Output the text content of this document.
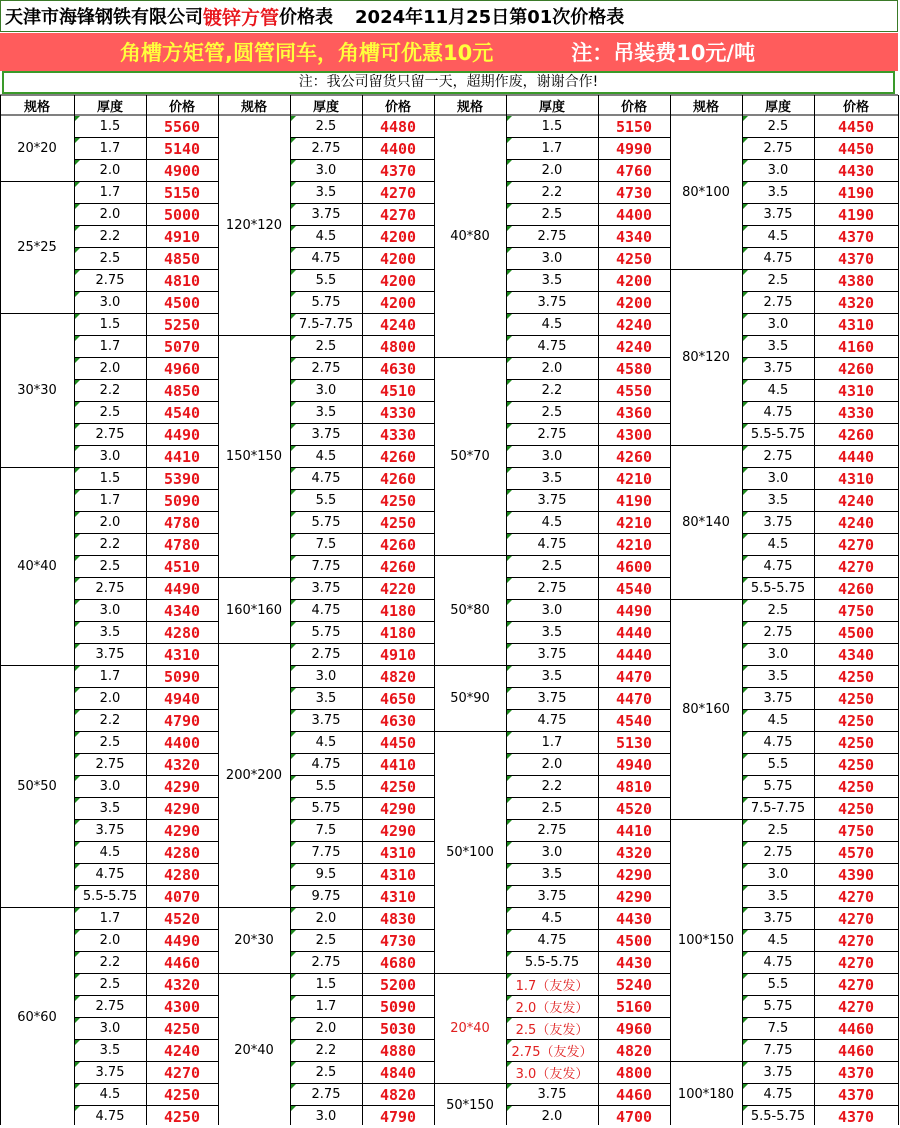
天津市海锋钢铁有限公司 镀锌方管 价格表 2024年11月25日第01次价格表
角槽方矩管,圆管同车，角槽可优惠10元	注：吊装费10元/吨
注：我公司留货只留一天，超期作废，谢谢合作!
规格	厚度	价格
20*20
1.5	5560
1.7	5140
2.0	4900
25*25
1.7	5150
2.0	5000
2.2	4910
2.5	4850
2.75	4810
3.0	4500
30*30
1.5	5250
1.7	5070
2.0	4960
2.2	4850
2.5	4540
2.75	4490
3.0	4410
40*40
1.5	5390
1.7	5090
2.0	4780
2.2	4780
2.5	4510
2.75	4490
3.0	4340
3.5	4280
3.75	4310
50*50
1.7	5090
2.0	4940
2.2	4790
2.5	4400
2.75	4320
3.0	4290
3.5	4290
3.75	4290
4.5	4280
4.75	4280
5.5-5.75	4070
60*60
1.7	4520
2.0	4490
2.2	4460
2.5	4320
2.75	4300
3.0	4250
3.5	4240
3.75	4270
4.5	4250
4.75	4250
规格	厚度	价格
120*120
2.5	4480
2.75	4400
3.0	4370
3.5	4270
3.75	4270
4.5	4200
4.75	4200
5.5	4200
5.75	4200
7.5-7.75	4240
150*150
2.5	4800
2.75	4630
3.0	4510
3.5	4330
3.75	4330
4.5	4260
4.75	4260
5.5	4250
5.75	4250
7.5	4260
7.75	4260
160*160
3.75	4220
4.75	4180
5.75	4180
200*200
2.75	4910
3.0	4820
3.5	4650
3.75	4630
4.5	4450
4.75	4410
5.5	4250
5.75	4290
7.5	4290
7.75	4310
9.5	4310
9.75	4310
20*30
2.0	4830
2.5	4730
2.75	4680
20*40
1.5	5200
1.7	5090
2.0	5030
2.2	4880
2.5	4840
2.75	4820
3.0	4790
规格	厚度	价格
40*80
1.5	5150
1.7	4990
2.0	4760
2.2	4730
2.5	4400
2.75	4340
3.0	4250
3.5	4200
3.75	4200
4.5	4240
4.75	4240
50*70
2.0	4580
2.2	4550
2.5	4360
2.75	4300
3.0	4260
3.5	4210
3.75	4190
4.5	4210
4.75	4210
50*80
2.5	4600
2.75	4540
3.0	4490
3.5	4440
3.75	4440
50*90
3.5	4470
3.75	4470
4.75	4540
50*100
1.7	5130
2.0	4940
2.2	4810
2.5	4520
2.75	4410
3.0	4320
3.5	4290
3.75	4290
4.5	4430
4.75	4500
5.5-5.75	4430
20*40
1.7（友发）	5240
2.0（友发）	5160
2.5（友发）	4960
2.75（友发）	4820
3.0（友发）	4800
50*150
3.75	4460
2.0	4700
规格	厚度	价格
80*100
2.5	4450
2.75	4450
3.0	4430
3.5	4190
3.75	4190
4.5	4370
4.75	4370
80*120
2.5	4380
2.75	4320
3.0	4310
3.5	4160
3.75	4260
4.5	4310
4.75	4330
5.5-5.75	4260
80*140
2.75	4440
3.0	4310
3.5	4240
3.75	4240
4.5	4270
4.75	4270
5.5-5.75	4260
80*160
2.5	4750
2.75	4500
3.0	4340
3.5	4250
3.75	4250
4.5	4250
4.75	4250
5.5	4250
5.75	4250
7.5-7.75	4250
100*150
2.5	4750
2.75	4570
3.0	4390
3.5	4270
3.75	4270
4.5	4270
4.75	4270
5.5	4270
5.75	4270
7.5	4460
7.75	4460
100*180
3.75	4370
4.75	4370
5.5-5.75	4370
